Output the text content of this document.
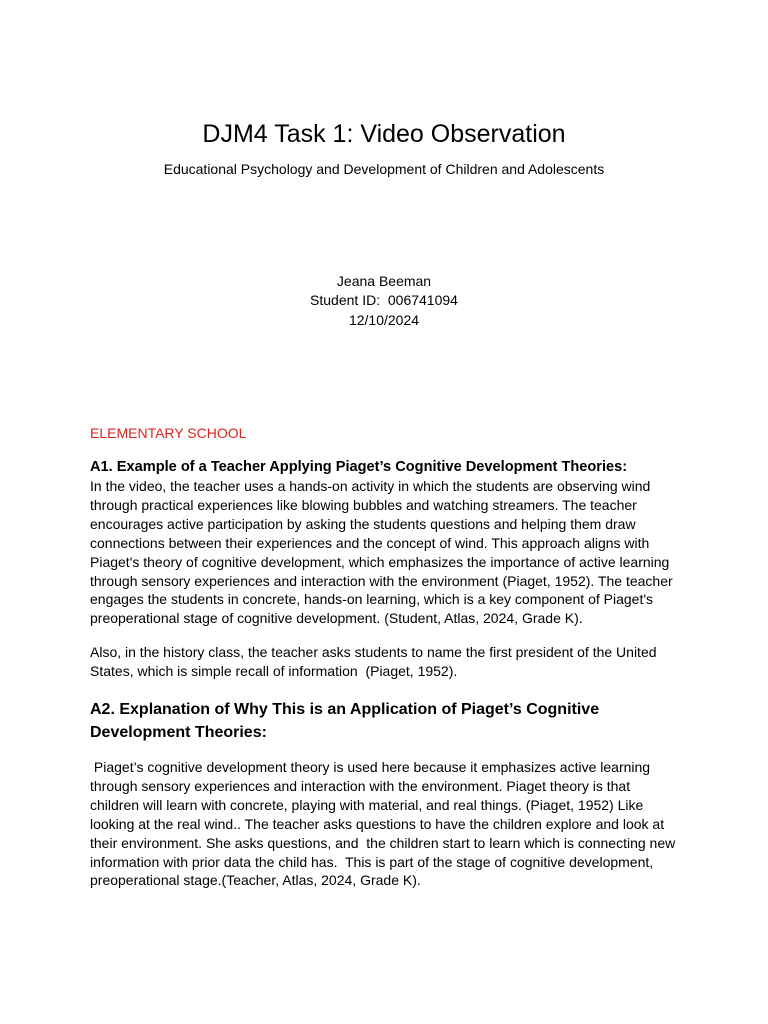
DJM4 Task 1: Video Observation

Educational Psychology and Development of Children and Adolescents

Jeana Beeman
Student ID:  006741094
12/10/2024

ELEMENTARY SCHOOL

A1. Example of a Teacher Applying Piaget’s Cognitive Development Theories:

In the video, the teacher uses a hands-on activity in which the students are observing wind through practical experiences like blowing bubbles and watching streamers. The teacher encourages active participation by asking the students questions and helping them draw connections between their experiences and the concept of wind. This approach aligns with Piaget's theory of cognitive development, which emphasizes the importance of active learning through sensory experiences and interaction with the environment (Piaget, 1952). The teacher engages the students in concrete, hands-on learning, which is a key component of Piaget's preoperational stage of cognitive development. (Student, Atlas, 2024, Grade K).

Also, in the history class, the teacher asks students to name the first president of the United States, which is simple recall of information  (Piaget, 1952).

A2. Explanation of Why This is an Application of Piaget’s Cognitive Development Theories:

Piaget’s cognitive development theory is used here because it emphasizes active learning through sensory experiences and interaction with the environment. Piaget theory is that children will learn with concrete, playing with material, and real things. (Piaget, 1952) Like looking at the real wind.. The teacher asks questions to have the children explore and look at their environment. She asks questions, and  the children start to learn which is connecting new information with prior data the child has.  This is part of the stage of cognitive development, preoperational stage.(Teacher, Atlas, 2024, Grade K).
